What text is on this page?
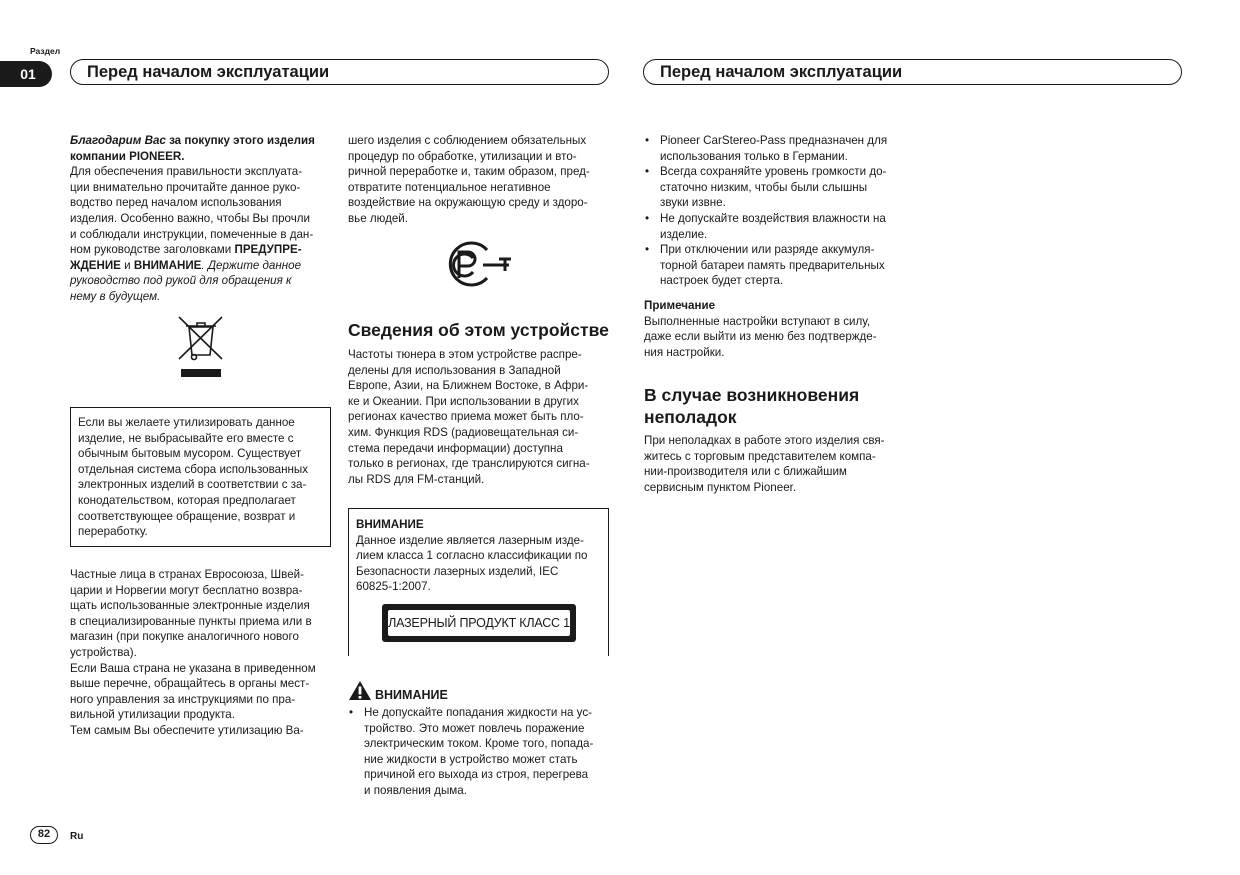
Раздел
01	Перед началом эксплуатации	Перед началом эксплуатации

Благодарим Вас за покупку этого изделия компании PIONEER.

Для обеспечения правильности эксплуата-

ции внимательно прочитайте данное руко-

водство перед началом использования

изделия. Особенно важно, чтобы Вы прочли

и соблюдали инструкции, помеченные в дан-

ном руководстве заголовками ПРЕДУПРЕ-

ЖДЕНИЕ и ВНИМАНИЕ. Держите данное

руководство под рукой для обращения к

нему в будущем.

Если вы желаете утилизировать данное

изделие, не выбрасывайте его вместе с

обычным бытовым мусором. Существует

отдельная система сбора использованных

электронных изделий в соответствии с за-

конодательством, которая предполагает

соответствующее обращение, возврат и

переработку.

Частные лица в странах Евросоюза, Швей-

царии и Норвегии могут бесплатно возвра-

щать использованные электронные изделия

в специализированные пункты приема или в

магазин (при покупке аналогичного нового

устройства).

Если Ваша страна не указана в приведенном

выше перечне, обращайтесь в органы мест-

ного управления за инструкциями по пра-

вильной утилизации продукта.

Тем самым Вы обеспечите утилизацию Ва-

шего изделия с соблюдением обязательных

процедур по обработке, утилизации и вто-

ричной переработке и, таким образом, пред-

отвратите потенциальное негативное

воздействие на окружающую среду и здоро-

вье людей.

Сведения об этом устройстве

Частоты тюнера в этом устройстве распре-

делены для использования в Западной

Европе, Азии, на Ближнем Востоке, в Афри-

ке и Океании. При использовании в других

регионах качество приема может быть пло-

хим. Функция RDS (радиовещательная си-

стема передачи информации) доступна

только в регионах, где транслируются сигна-

лы RDS для FM-станций.

ВНИМАНИЕ

Данное изделие является лазерным изде-

лием класса 1 согласно классификации по

Безопасности лазерных изделий, IEC

60825-1:2007.

ЛАЗЕРНЫЙ ПРОДУКТ КЛАСС 1
ВНИМАНИЕ
• Не допускайте попадания жидкости на ус-
тройство. Это может повлечь поражение
электрическим током. Кроме того, попада-
ние жидкости в устройство может стать
причиной его выхода из строя, перегрева
и появления дыма.
• Pioneer CarStereo-Pass предназначен для
использования только в Германии.
• Всегда сохраняйте уровень громкости до-
статочно низким, чтобы были слышны
звуки извне.
• Не допускайте воздействия влажности на
изделие.
• При отключении или разряде аккумуля-
торной батареи память предварительных
настроек будет стерта.

Примечание

Выполненные настройки вступают в силу,

даже если выйти из меню без подтвержде-

ния настройки.

В случае возникновения
неполадок

При неполадках в работе этого изделия свя-

житесь с торговым представителем компа-

нии-производителя или с ближайшим

сервисным пунктом Pioneer.

82	Ru
